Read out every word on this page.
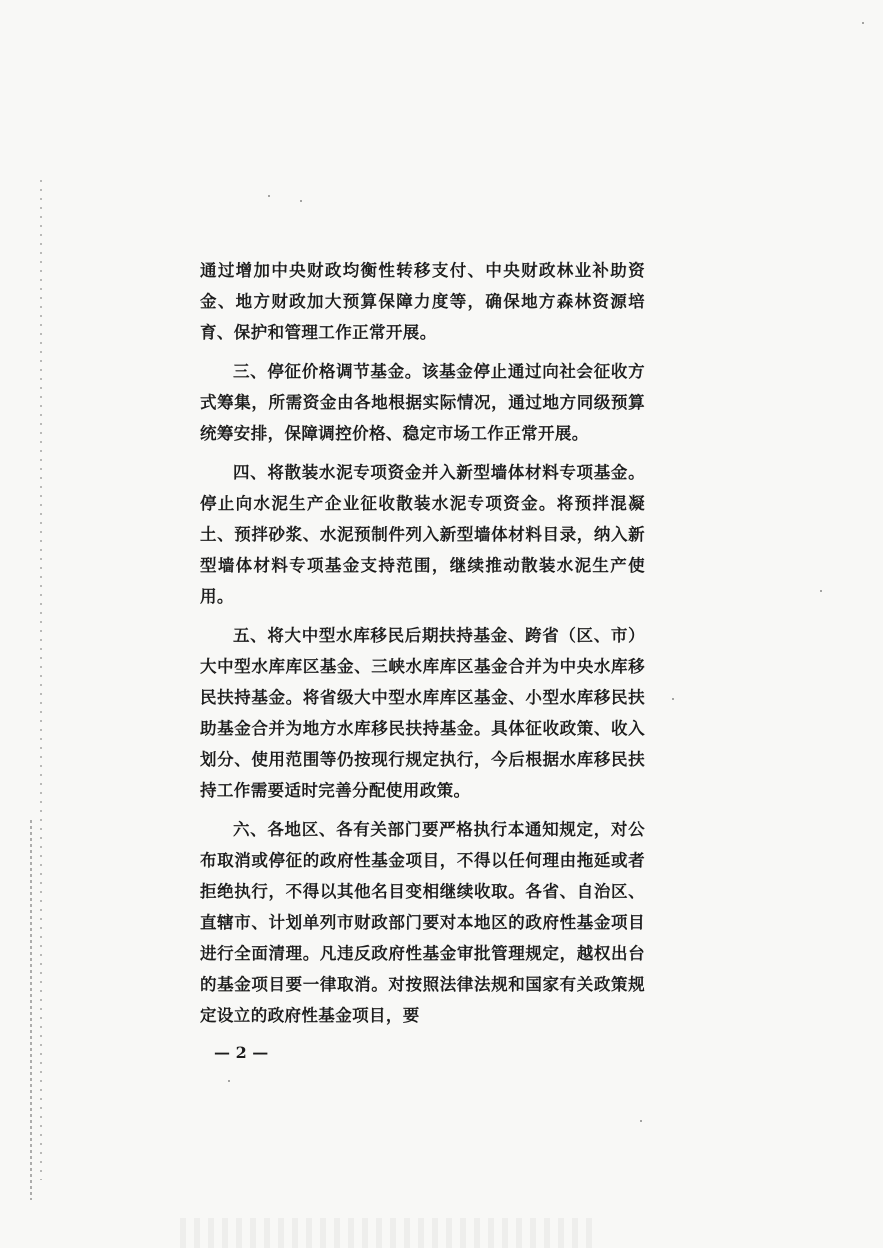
通过增加中央财政均衡性转移支付、中央财政林业补助资金、地方财政加大预算保障力度等，确保地方森林资源培育、保护和管理工作正常开展。

三、停征价格调节基金。该基金停止通过向社会征收方式筹集，所需资金由各地根据实际情况，通过地方同级预算统筹安排，保障调控价格、稳定市场工作正常开展。

四、将散装水泥专项资金并入新型墙体材料专项基金。停止向水泥生产企业征收散装水泥专项资金。将预拌混凝土、预拌砂浆、水泥预制件列入新型墙体材料目录，纳入新型墙体材料专项基金支持范围，继续推动散装水泥生产使用。

五、将大中型水库移民后期扶持基金、跨省（区、市）大中型水库库区基金、三峡水库库区基金合并为中央水库移民扶持基金。将省级大中型水库库区基金、小型水库移民扶助基金合并为地方水库移民扶持基金。具体征收政策、收入划分、使用范围等仍按现行规定执行，今后根据水库移民扶持工作需要适时完善分配使用政策。

六、各地区、各有关部门要严格执行本通知规定，对公布取消或停征的政府性基金项目，不得以任何理由拖延或者拒绝执行，不得以其他名目变相继续收取。各省、自治区、直辖市、计划单列市财政部门要对本地区的政府性基金项目进行全面清理。凡违反政府性基金审批管理规定，越权出台的基金项目要一律取消。对按照法律法规和国家有关政策规定设立的政府性基金项目，要

— 2 —
